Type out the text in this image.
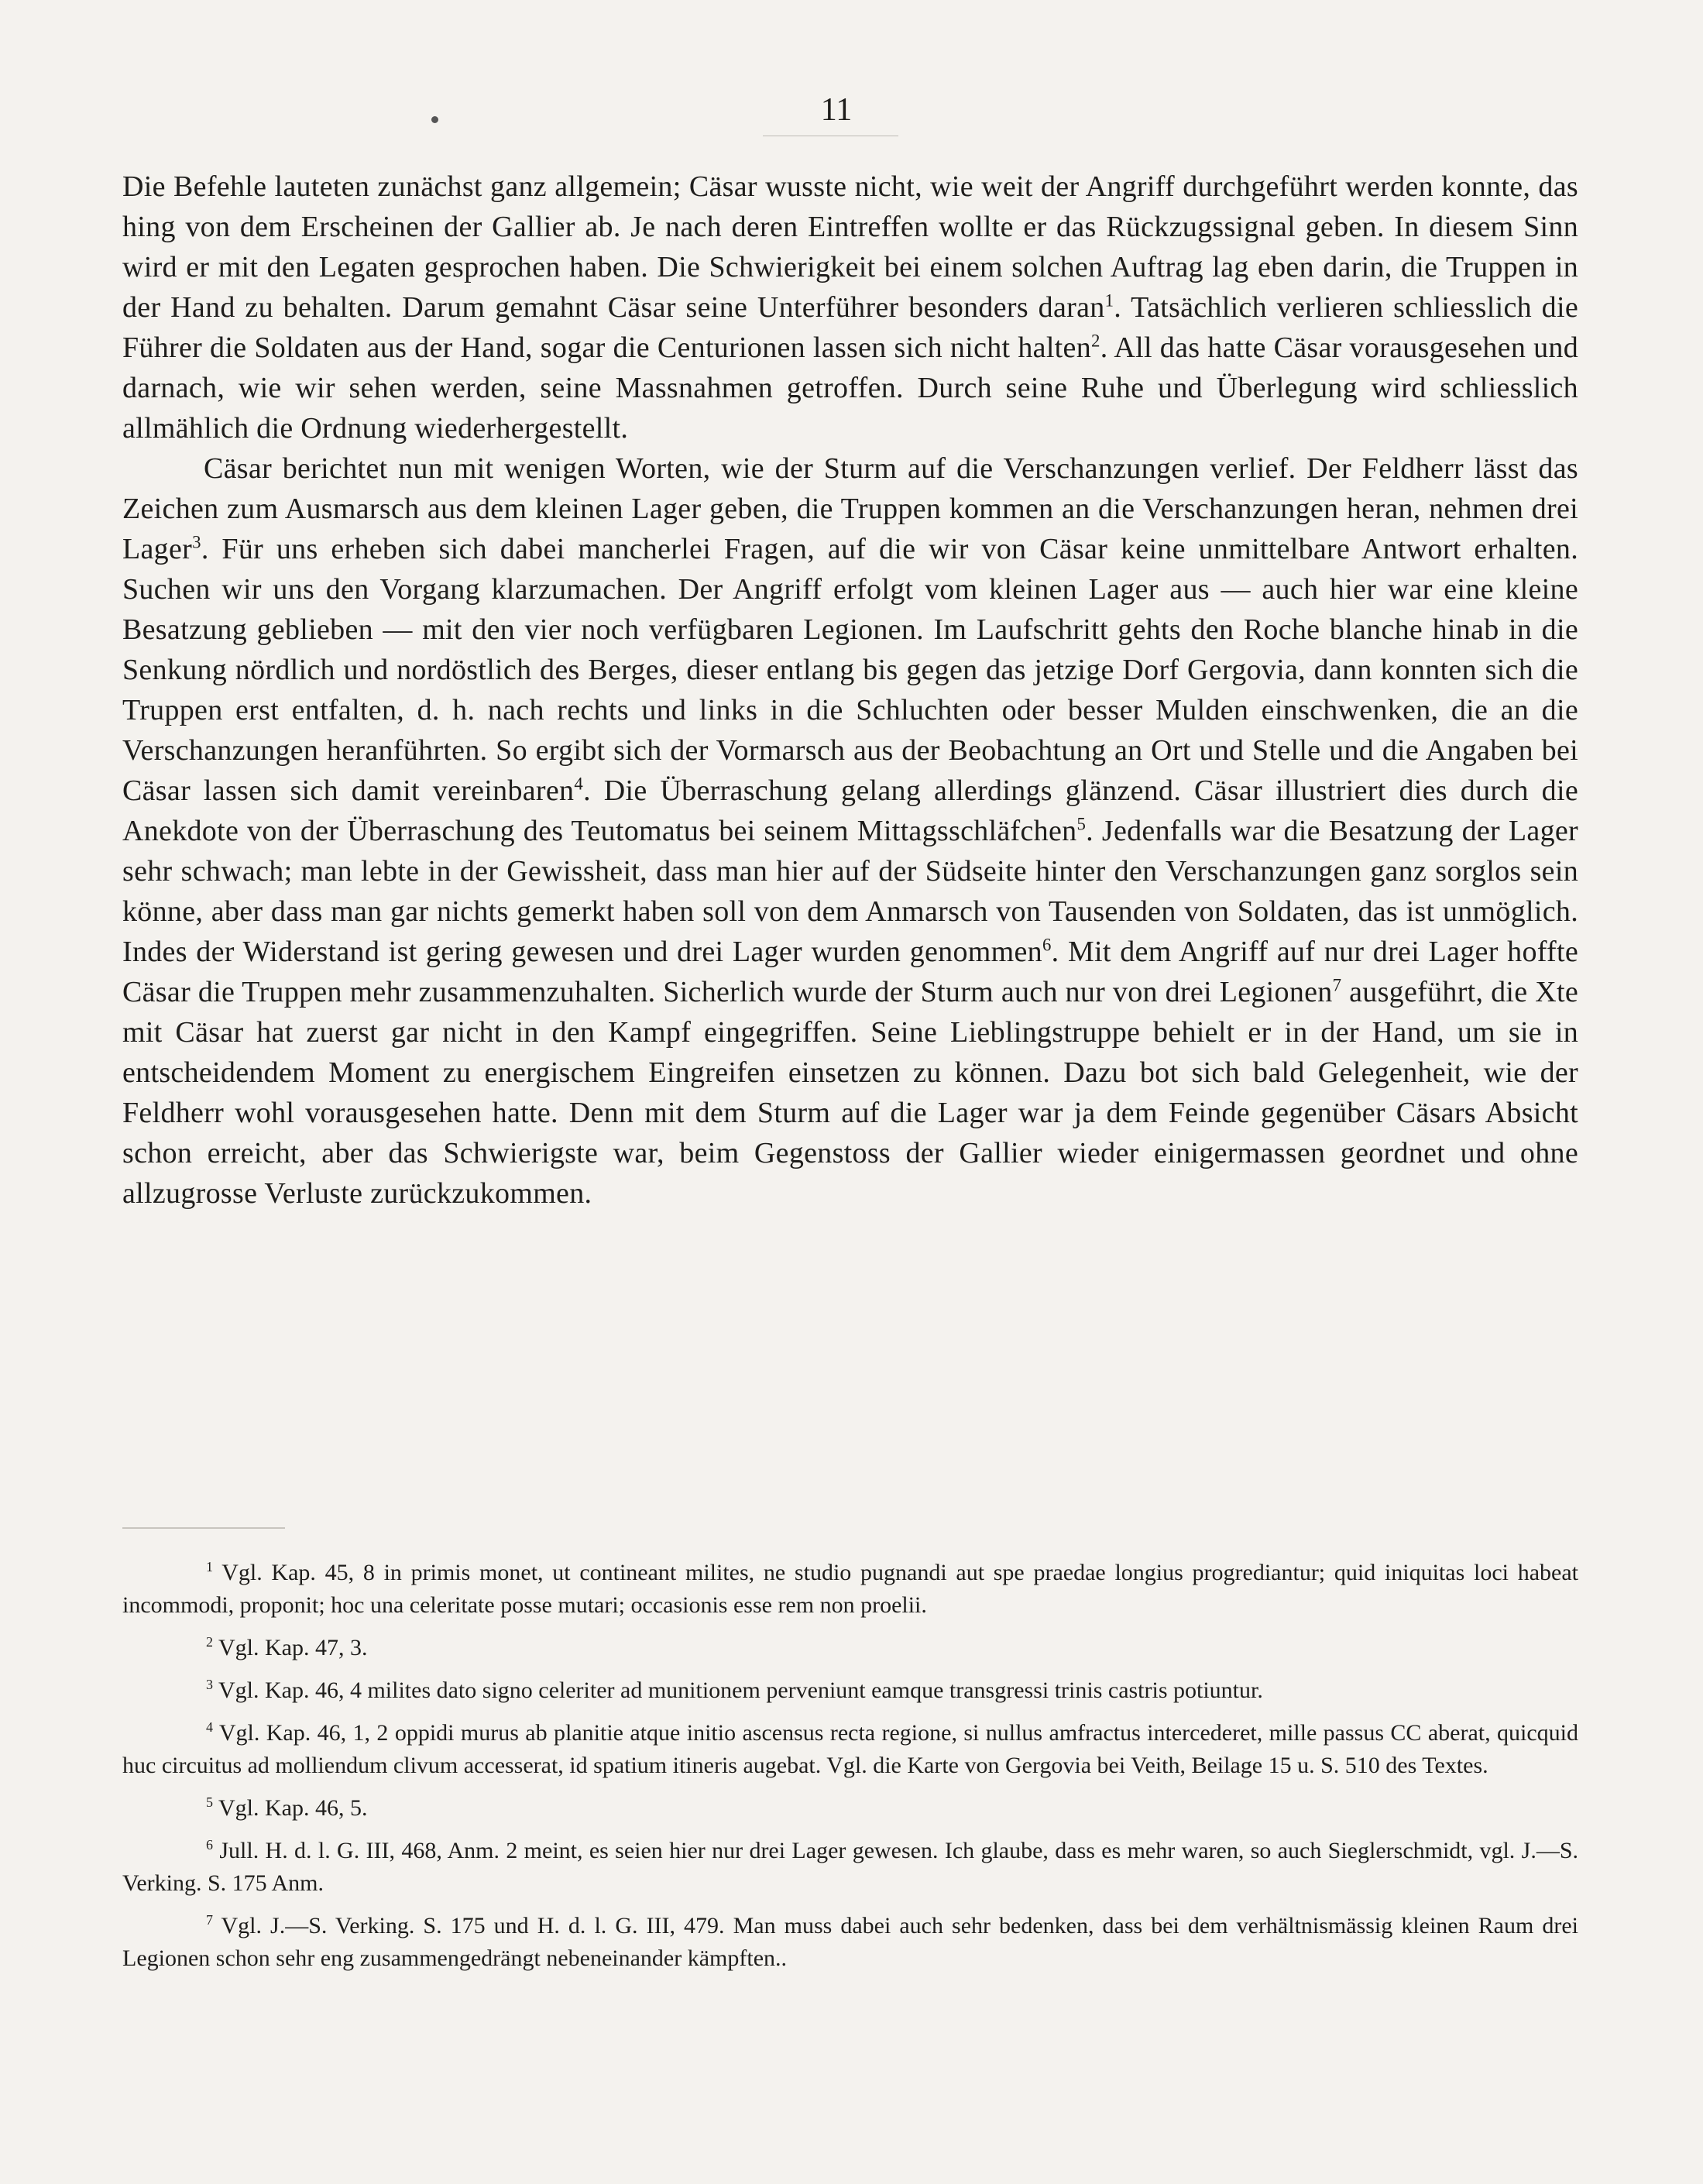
11

Die Befehle lauteten zunächst ganz allgemein; Cäsar wusste nicht, wie weit der Angriff durchgeführt werden konnte, das hing von dem Erscheinen der Gallier ab. Je nach deren Eintreffen wollte er das Rückzugssignal geben. In diesem Sinn wird er mit den Legaten gesprochen haben. Die Schwierigkeit bei einem solchen Auftrag lag eben darin, die Truppen in der Hand zu behalten. Darum gemahnt Cäsar seine Unterführer besonders daran$^1$. Tatsächlich verlieren schliesslich die Führer die Soldaten aus der Hand, sogar die Centurionen lassen sich nicht halten$^2$. All das hatte Cäsar vorausgesehen und darnach, wie wir sehen werden, seine Massnahmen getroffen. Durch seine Ruhe und Überlegung wird schliesslich allmählich die Ordnung wiederhergestellt.

Cäsar berichtet nun mit wenigen Worten, wie der Sturm auf die Verschanzungen verlief. Der Feldherr lässt das Zeichen zum Ausmarsch aus dem kleinen Lager geben, die Truppen kommen an die Verschanzungen heran, nehmen drei Lager$^3$. Für uns erheben sich dabei mancherlei Fragen, auf die wir von Cäsar keine unmittelbare Antwort erhalten. Suchen wir uns den Vorgang klarzumachen. Der Angriff erfolgt vom kleinen Lager aus — auch hier war eine kleine Besatzung geblieben — mit den vier noch verfügbaren Legionen. Im Laufschritt gehts den Roche blanche hinab in die Senkung nördlich und nordöstlich des Berges, dieser entlang bis gegen das jetzige Dorf Gergovia, dann konnten sich die Truppen erst entfalten, d. h. nach rechts und links in die Schluchten oder besser Mulden einschwenken, die an die Verschanzungen heranführten. So ergibt sich der Vormarsch aus der Beobachtung an Ort und Stelle und die Angaben bei Cäsar lassen sich damit vereinbaren$^4$. Die Überraschung gelang allerdings glänzend. Cäsar illustriert dies durch die Anekdote von der Überraschung des Teutomatus bei seinem Mittagsschläfchen$^5$. Jedenfalls war die Besatzung der Lager sehr schwach; man lebte in der Gewissheit, dass man hier auf der Südseite hinter den Verschanzungen ganz sorglos sein könne, aber dass man gar nichts gemerkt haben soll von dem Anmarsch von Tausenden von Soldaten, das ist unmöglich. Indes der Widerstand ist gering gewesen und drei Lager wurden genommen$^6$. Mit dem Angriff auf nur drei Lager hoffte Cäsar die Truppen mehr zusammenzuhalten. Sicherlich wurde der Sturm auch nur von drei Legionen$^7$ ausgeführt, die Xte mit Cäsar hat zuerst gar nicht in den Kampf eingegriffen. Seine Lieblingstruppe behielt er in der Hand, um sie in entscheidendem Moment zu energischem Eingreifen einsetzen zu können. Dazu bot sich bald Gelegenheit, wie der Feldherr wohl vorausgesehen hatte. Denn mit dem Sturm auf die Lager war ja dem Feinde gegenüber Cäsars Absicht schon erreicht, aber das Schwierigste war, beim Gegenstoss der Gallier wieder einigermassen geordnet und ohne allzugrosse Verluste zurückzukommen.

$^1$ Vgl. Kap. 45, 8 in primis monet, ut contineant milites, ne studio pugnandi aut spe praedae longius progrediantur; quid iniquitas loci habeat incommodi, proponit; hoc una celeritate posse mutari; occasionis esse rem non proelii.

$^2$ Vgl. Kap. 47, 3.

$^3$ Vgl. Kap. 46, 4 milites dato signo celeriter ad munitionem perveniunt eamque transgressi trinis castris potiuntur.

$^4$ Vgl. Kap. 46, 1, 2 oppidi murus ab planitie atque initio ascensus recta regione, si nullus amfractus intercederet, mille passus CC aberat, quicquid huc circuitus ad molliendum clivum accesserat, id spatium itineris augebat. Vgl. die Karte von Gergovia bei Veith, Beilage 15 u. S. 510 des Textes.

$^5$ Vgl. Kap. 46, 5.

$^6$ Jull. H. d. l. G. III, 468, Anm. 2 meint, es seien hier nur drei Lager gewesen. Ich glaube, dass es mehr waren, so auch Sieglerschmidt, vgl. J.—S. Verking. S. 175 Anm.

$^7$ Vgl. J.—S. Verking. S. 175 und H. d. l. G. III, 479. Man muss dabei auch sehr bedenken, dass bei dem verhältnismässig kleinen Raum drei Legionen schon sehr eng zusammengedrängt nebeneinander kämpften..
